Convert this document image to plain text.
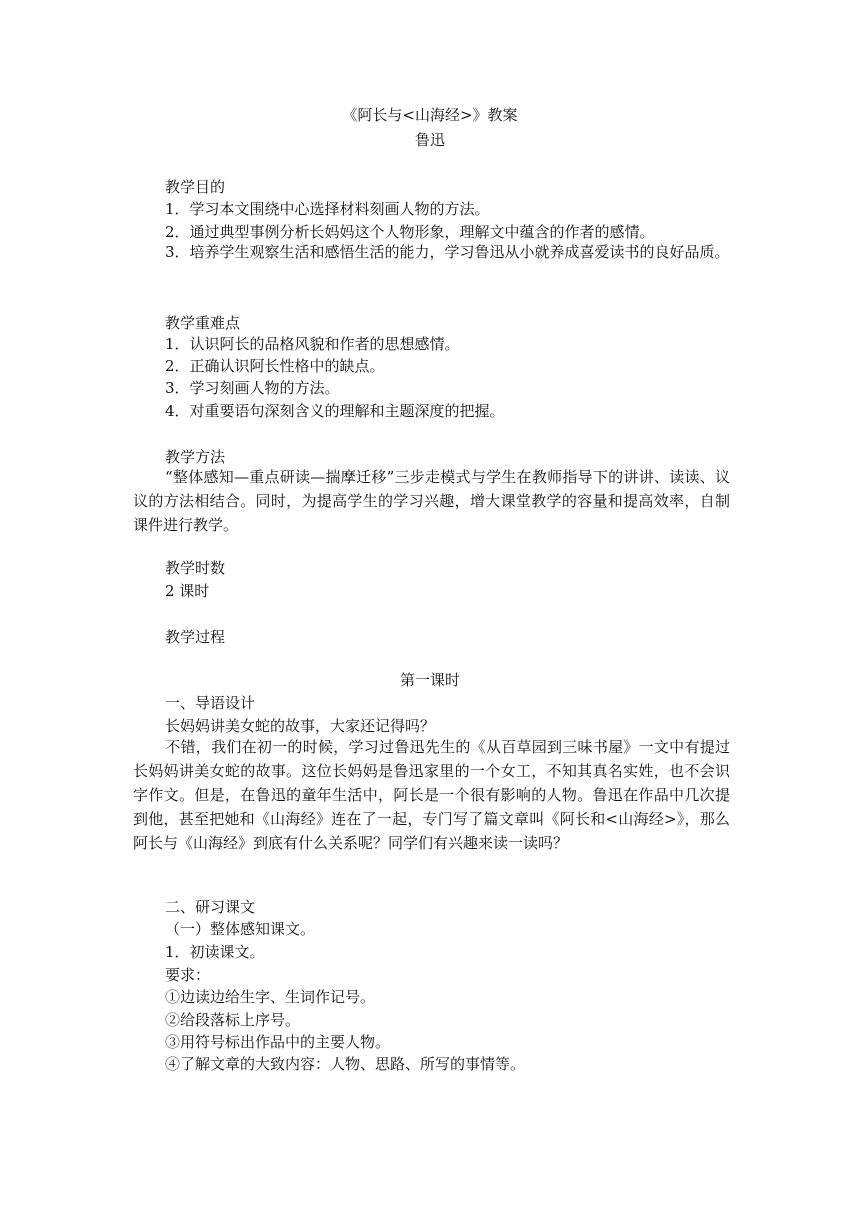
《阿长与<山海经>》教案
鲁迅
教学目的
1．学习本文围绕中心选择材料刻画人物的方法。
2．通过典型事例分析长妈妈这个人物形象，理解文中蕴含的作者的感情。
3．培养学生观察生活和感悟生活的能力，学习鲁迅从小就养成喜爱读书的良好品质。
教学重难点
1．认识阿长的品格风貌和作者的思想感情。
2．正确认识阿长性格中的缺点。
3．学习刻画人物的方法。
4．对重要语句深刻含义的理解和主题深度的把握。
教学方法
“整体感知—重点研读—揣摩迁移”三步走模式与学生在教师指导下的讲讲、读读、议议的方法相结合。同时，为提高学生的学习兴趣，增大课堂教学的容量和提高效率，自制课件进行教学。
教学时数
2 课时
教学过程
第一课时
一、导语设计
长妈妈讲美女蛇的故事，大家还记得吗？
不错，我们在初一的时候，学习过鲁迅先生的《从百草园到三味书屋》一文中有提过长妈妈讲美女蛇的故事。这位长妈妈是鲁迅家里的一个女工，不知其真名实姓，也不会识字作文。但是，在鲁迅的童年生活中，阿长是一个很有影响的人物。鲁迅在作品中几次提到他，甚至把她和《山海经》连在了一起，专门写了篇文章叫《阿长和<山海经>》，那么阿长与《山海经》到底有什么关系呢？同学们有兴趣来读一读吗？
二、研习课文
（一）整体感知课文。
1．初读课文。
要求：
①边读边给生字、生词作记号。
②给段落标上序号。
③用符号标出作品中的主要人物。
④了解文章的大致内容：人物、思路、所写的事情等。
